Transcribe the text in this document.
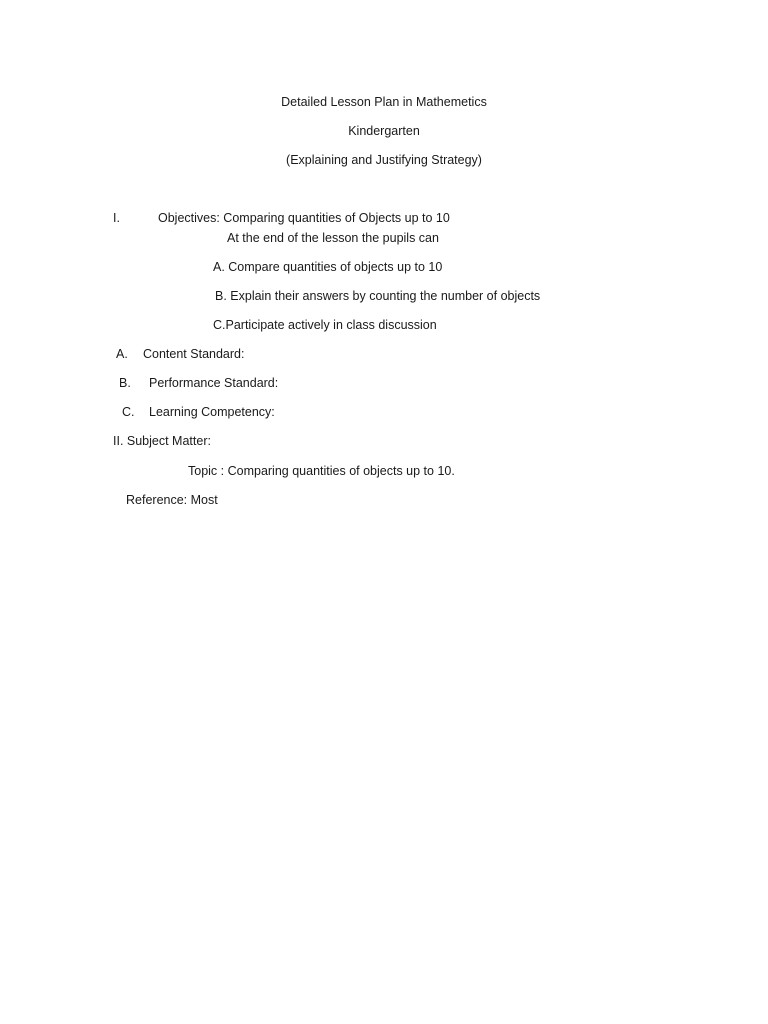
Detailed Lesson Plan in Mathemetics
Kindergarten
(Explaining and Justifying Strategy)
I.	Objectives: Comparing quantities of Objects up to 10
At the end of the lesson the pupils can
A. Compare quantities of objects up to 10
B. Explain their answers by counting the number of objects
C.Participate actively in class discussion
A. Content Standard:
B. Performance Standard:
C. Learning Competency:
II. Subject Matter:
Topic : Comparing quantities of objects up to 10.
Reference: Most
